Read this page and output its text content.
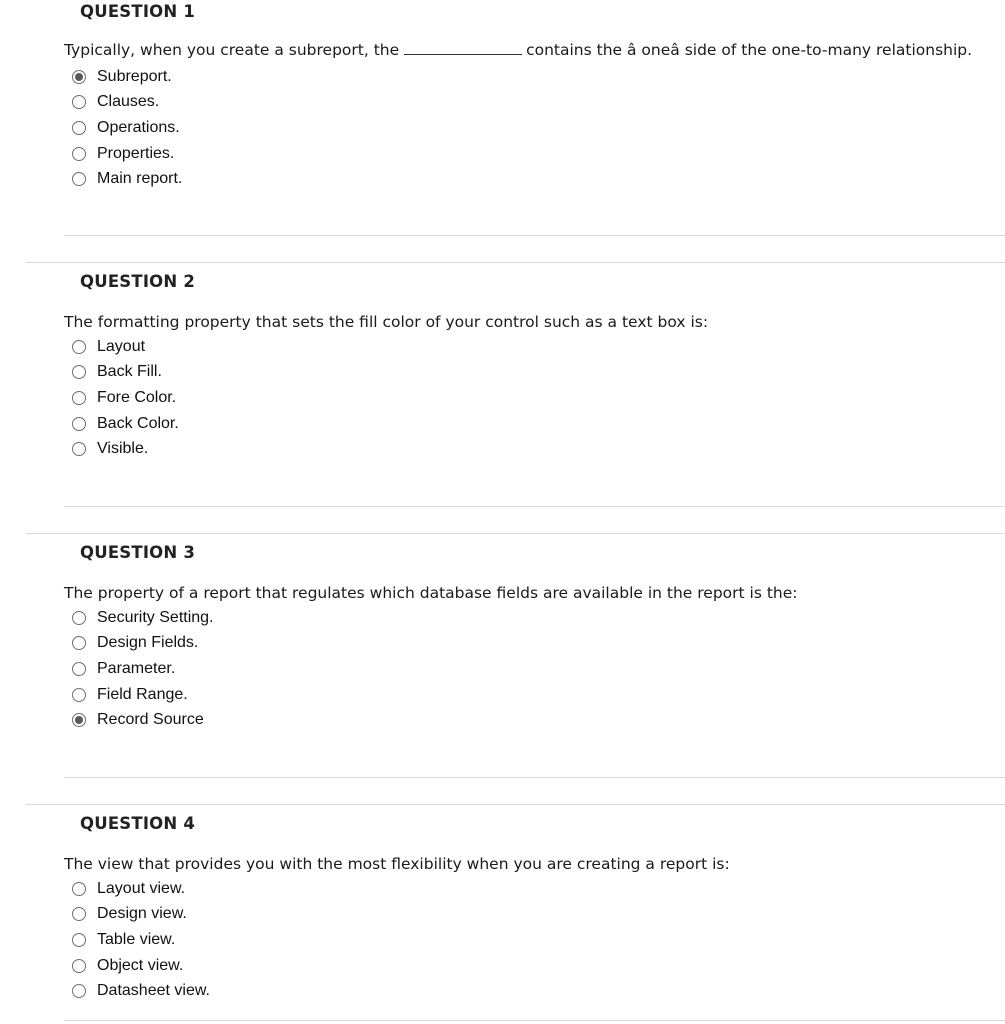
QUESTION 1
Typically, when you create a subreport, the	contains the â oneâ side of the one-to-many relationship.
Subreport.
Clauses.
Operations.
Properties.
Main report.
QUESTION 2
The formatting property that sets the fill color of your control such as a text box is:
Layout
Back Fill.
Fore Color.
Back Color.
Visible.
QUESTION 3
The property of a report that regulates which database fields are available in the report is the:
Security Setting.
Design Fields.
Parameter.
Field Range.
Record Source
QUESTION 4
The view that provides you with the most flexibility when you are creating a report is:
Layout view.
Design view.
Table view.
Object view.
Datasheet view.
